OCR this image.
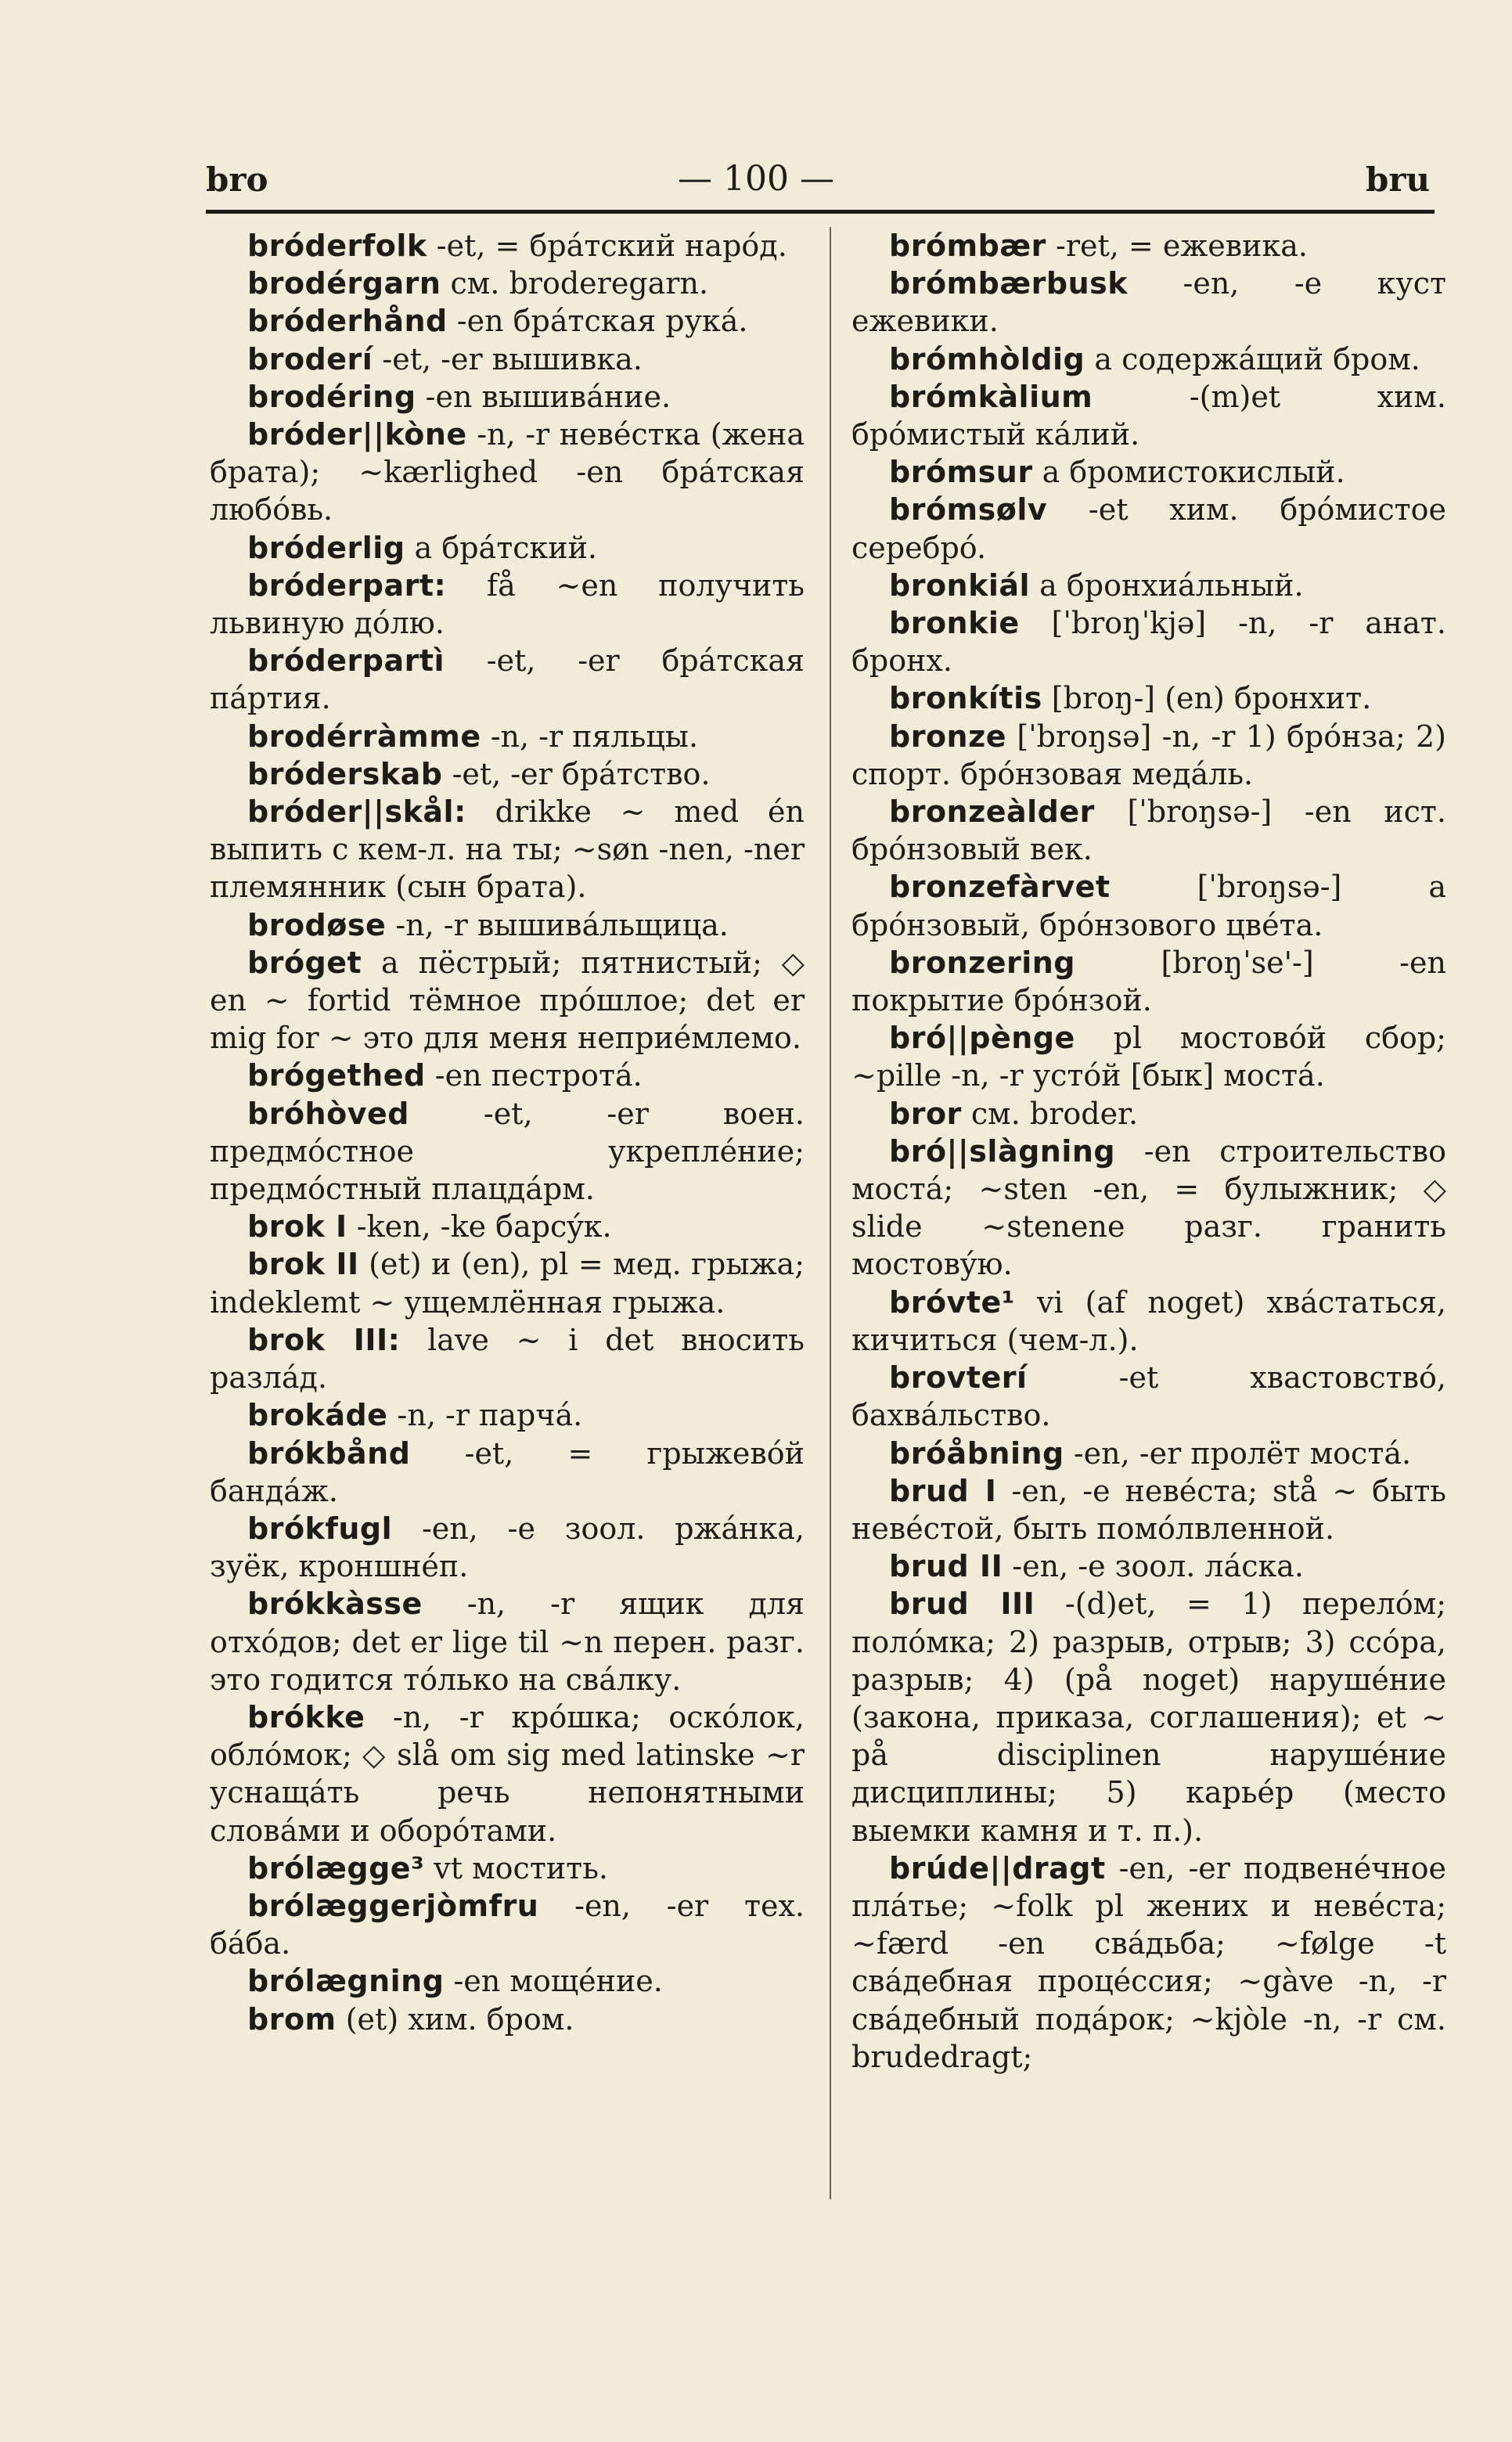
bro	— 100 —	bru

bróderfolk -et, = брáтский нарóд.

brodérgarn см. broderegarn.

bróderhånd -en брáтская рукá.

broderí -et, -er вышивка.

brodéring -en вышивáние.

bróder||kòne -n, -r невéстка (жена брата); ~kærlighed -en брáтская любóвь.

bróderlig a брáтский.

bróderpart: få ~en получить львиную дóлю.

bróderpartì -et, -er брáтская пáртия.

brodérràmme -n, -r пяльцы.

bróderskab -et, -er брáтство.

bróder||skål: drikke ~ med én выпить с кем-л. на ты; ~søn -nen, -ner племянник (сын брата).

brodøse -n, -r вышивáльщица.

bróget a пёстрый; пятнистый; ◇ en ~ fortid тёмное прóшлое; det er mig for ~ это для меня неприéмлемо.

brógethed -en пестротá.

bróhòved -et, -er воен. предмóстное укреплéние; предмóстный плацдáрм.

brok I -ken, -ke барсýк.

brok II (et) и (en), pl = мед. грыжа; indeklemt ~ ущемлённая грыжа.

brok III: lave ~ i det вносить разлáд.

brokáde -n, -r парчá.

brókbånd -et, = грыжевóй бандáж.

brókfugl -en, -e зоол. ржáнка, зуёк, кроншнéп.

brókkàsse -n, -r ящик для отхóдов; det er lige til ~n перен. разг. это годится тóлько на свáлку.

brókke -n, -r крóшка; оскóлок, облóмок; ◇ slå om sig med latinske ~r уснащáть речь непонятными словáми и оборóтами.

brólægge³ vt мостить.

brólæggerjòmfru -en, -er тех. бáба.

brólægning -en мощéние.

brom (et) хим. бром.

brómbær -ret, = ежевика.

brómbærbusk -en, -e куст ежевики.

brómhòldig a содержáщий бром.

brómkàlium -(m)et хим. брóмистый кáлий.

brómsur a бромистокислый.

brómsølv -et хим. брóмистое серебрó.

bronkiál a бронхиáльный.

bronkie [ˈbroŋˈkjə] -n, -r анат. бронх.

bronkítis [broŋ-] (en) бронхит.

bronze [ˈbroŋsə] -n, -r 1) брóнза; 2) спорт. брóнзовая медáль.

bronzeàlder [ˈbroŋsə-] -en ист. брóнзовый век.

bronzefàrvet [ˈbroŋsə-] a брóнзовый, брóнзового цвéта.

bronzering [broŋˈse'-] -en покрытие брóнзой.

bró||pènge pl мостовóй сбор; ~pille -n, -r устóй [бык] мостá.

bror см. broder.

bró||slàgning -en строительство мостá; ~sten -en, = булыжник; ◇ slide ~stenene разг. гранить мостовýю.

bróvte¹ vi (af noget) хвáстаться, кичиться (чем-л.).

brovterí -et хвастовствó, бахвáльство.

bróåbning -en, -er пролёт мостá.

brud I -en, -e невéста; stå ~ быть невéстой, быть помóлвленной.

brud II -en, -e зоол. лáска.

brud III -(d)et, = 1) перелóм; полóмка; 2) разрыв, отрыв; 3) ссóра, разрыв; 4) (på noget) нарушéние (закона, приказа, соглашения); et ~ på disciplinen нарушéние дисциплины; 5) карьéр (место выемки камня и т. п.).

brúde||dragt -en, -er подвенéчное плáтье; ~folk pl жених и невéста; ~færd -en свáдьба; ~følge -t свáдебная процéссия; ~gàve -n, -r свáдебный подáрок; ~kjòle -n, -r см. brudedragt;
